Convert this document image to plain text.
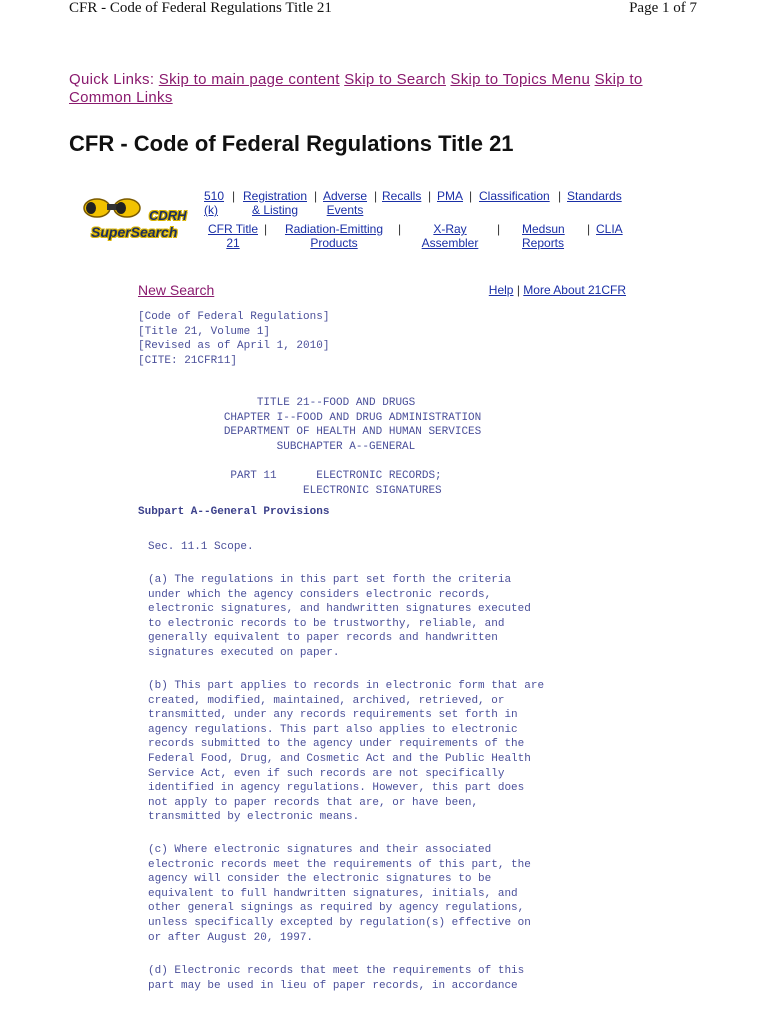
CFR - Code of Federal Regulations Title 21	Page 1 of 7
Quick Links: Skip to main page content Skip to Search Skip to Topics Menu Skip to Common Links
CFR - Code of Federal Regulations Title 21
CDRH
SuperSearch
510 (k)
| Registration & Listing
| Adverse Events
| Recalls | PMA | Classification | Standards
CFR Title 21
|	Radiation-Emitting Products
|	X-Ray Assembler
| Medsun Reports
| CLIA
New Search	Help | More About 21CFR
[Code of Federal Regulations]
[Title 21, Volume 1]
[Revised as of April 1, 2010]
[CITE: 21CFR11]
TITLE 21--FOOD AND DRUGS
CHAPTER I--FOOD AND DRUG ADMINISTRATION
DEPARTMENT OF HEALTH AND HUMAN SERVICES
SUBCHAPTER A--GENERAL

PART 11      ELECTRONIC RECORDS;
ELECTRONIC SIGNATURES
Subpart A--General Provisions
Sec. 11.1 Scope.
(a) The regulations in this part set forth the criteria
under which the agency considers electronic records,
electronic signatures, and handwritten signatures executed
to electronic records to be trustworthy, reliable, and
generally equivalent to paper records and handwritten
signatures executed on paper.
(b) This part applies to records in electronic form that are
created, modified, maintained, archived, retrieved, or
transmitted, under any records requirements set forth in
agency regulations. This part also applies to electronic
records submitted to the agency under requirements of the
Federal Food, Drug, and Cosmetic Act and the Public Health
Service Act, even if such records are not specifically
identified in agency regulations. However, this part does
not apply to paper records that are, or have been,
transmitted by electronic means.
(c) Where electronic signatures and their associated
electronic records meet the requirements of this part, the
agency will consider the electronic signatures to be
equivalent to full handwritten signatures, initials, and
other general signings as required by agency regulations,
unless specifically excepted by regulation(s) effective on
or after August 20, 1997.
(d) Electronic records that meet the requirements of this
part may be used in lieu of paper records, in accordance
